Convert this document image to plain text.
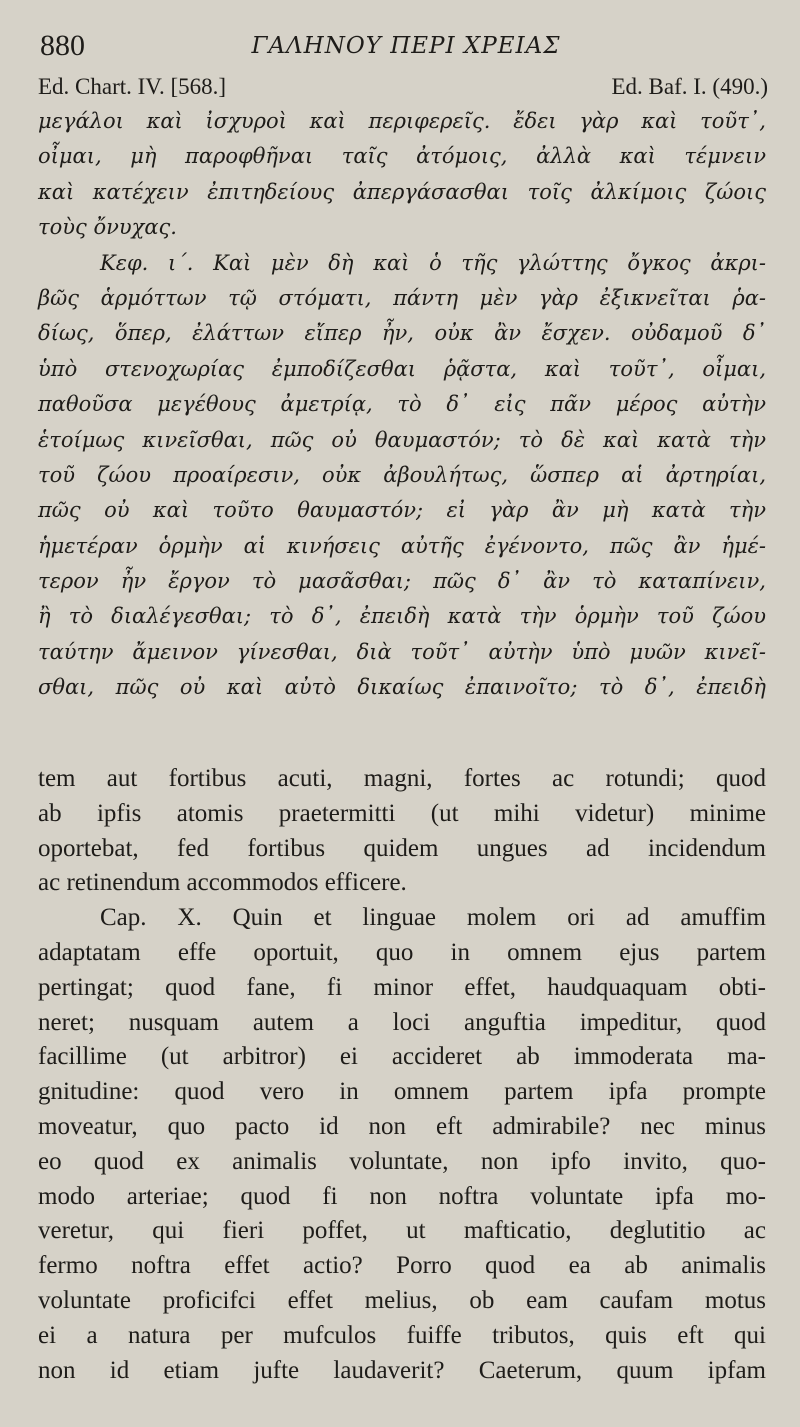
880	ΓΑΛΗΝΟΥ ΠΕΡΙ ΧΡΕΙΑΣ
Ed. Chart. IV. [568.]	Ed. Baf. I. (490.)
μεγάλοι καὶ ἰσχυροὶ καὶ περιφερεῖς. ἔδει γὰρ καὶ τοῦτ᾽,
οἶμαι, μὴ παροφθῆναι ταῖς ἀτόμοις, ἀλλὰ καὶ τέμνειν
καὶ κατέχειν ἐπιτηδείους ἀπεργάσασθαι τοῖς ἀλκίμοις ζώοις
τοὺς ὄνυχας.
Κεφ. ι΄. Καὶ μὲν δὴ καὶ ὁ τῆς γλώττης ὄγκος ἀκρι-
βῶς ἁρμόττων τῷ στόματι, πάντη μὲν γὰρ ἐξικνεῖται ῥα-
δίως, ὅπερ, ἐλάττων εἴπερ ἦν, οὐκ ἂν ἔσχεν. οὐδαμοῦ δ᾽
ὑπὸ στενοχωρίας ἐμποδίζεσθαι ῥᾷστα, καὶ τοῦτ᾽, οἶμαι,
παθοῦσα μεγέθους ἀμετρίᾳ, τὸ δ᾽ εἰς πᾶν μέρος αὐτὴν
ἑτοίμως κινεῖσθαι, πῶς οὐ θαυμαστόν; τὸ δὲ καὶ κατὰ τὴν
τοῦ ζώου προαίρεσιν, οὐκ ἀβουλήτως, ὥσπερ αἱ ἀρτηρίαι,
πῶς οὐ καὶ τοῦτο θαυμαστόν; εἰ γὰρ ἂν μὴ κατὰ τὴν
ἡμετέραν ὁρμὴν αἱ κινήσεις αὐτῆς ἐγένοντο, πῶς ἂν ἡμέ-
τερον ἦν ἔργον τὸ μασᾶσθαι; πῶς δ᾽ ἂν τὸ καταπίνειν,
ἢ τὸ διαλέγεσθαι; τὸ δ᾽, ἐπειδὴ κατὰ τὴν ὁρμὴν τοῦ ζώου
ταύτην ἄμεινον γίνεσθαι, διὰ τοῦτ᾽ αὐτὴν ὑπὸ μυῶν κινεῖ-
σθαι, πῶς οὐ καὶ αὐτὸ δικαίως ἐπαινοῖτο; τὸ δ᾽, ἐπειδὴ
tem aut fortibus acuti, magni, fortes ac rotundi; quod
ab ipfis atomis praetermitti (ut mihi videtur) minime
oportebat, fed fortibus quidem ungues ad incidendum
ac retinendum accommodos efficere.
Cap. X. Quin et linguae molem ori ad amuffim
adaptatam effe oportuit, quo in omnem ejus partem
pertingat; quod fane, fi minor effet, haudquaquam obti-
neret; nusquam autem a loci anguftia impeditur, quod
facillime (ut arbitror) ei accideret ab immoderata ma-
gnitudine: quod vero in omnem partem ipfa prompte
moveatur, quo pacto id non eft admirabile? nec minus
eo quod ex animalis voluntate, non ipfo invito, quo-
modo arteriae; quod fi non noftra voluntate ipfa mo-
veretur, qui fieri poffet, ut mafticatio, deglutitio ac
fermo noftra effet actio? Porro quod ea ab animalis
voluntate proficifci effet melius, ob eam caufam motus
ei a natura per mufculos fuiffe tributos, quis eft qui
non id etiam jufte laudaverit? Caeterum, quum ipfam
